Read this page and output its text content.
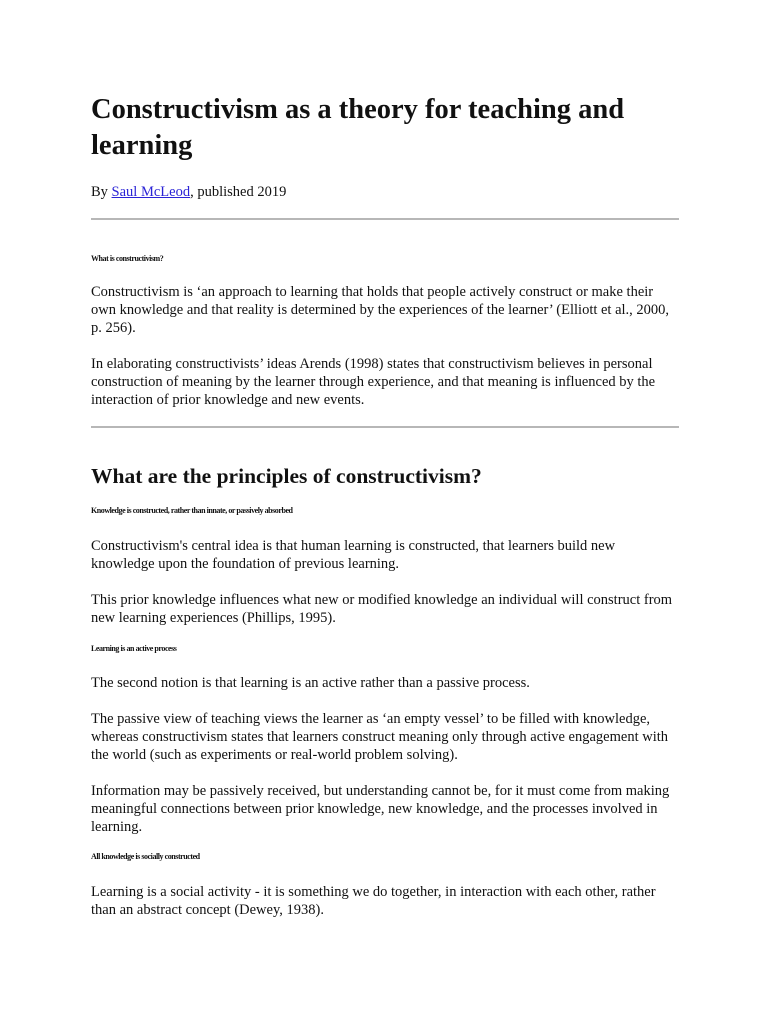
Constructivism as a theory for teaching and learning

By Saul McLeod, published 2019

What is constructivism?

Constructivism is ‘an approach to learning that holds that people actively construct or make their own knowledge and that reality is determined by the experiences of the learner’ (Elliott et al., 2000, p. 256).

In elaborating constructivists’ ideas Arends (1998) states that constructivism believes in personal construction of meaning by the learner through experience, and that meaning is influenced by the interaction of prior knowledge and new events.

What are the principles of constructivism?
Knowledge is constructed, rather than innate, or passively absorbed

Constructivism's central idea is that human learning is constructed, that learners build new knowledge upon the foundation of previous learning.

This prior knowledge influences what new or modified knowledge an individual will construct from new learning experiences (Phillips, 1995).

Learning is an active process

The second notion is that learning is an active rather than a passive process.

The passive view of teaching views the learner as ‘an empty vessel’ to be filled with knowledge, whereas constructivism states that learners construct meaning only through active engagement with the world (such as experiments or real-world problem solving).

Information may be passively received, but understanding cannot be, for it must come from making meaningful connections between prior knowledge, new knowledge, and the processes involved in learning.

All knowledge is socially constructed

Learning is a social activity - it is something we do together, in interaction with each other, rather than an abstract concept (Dewey, 1938).
